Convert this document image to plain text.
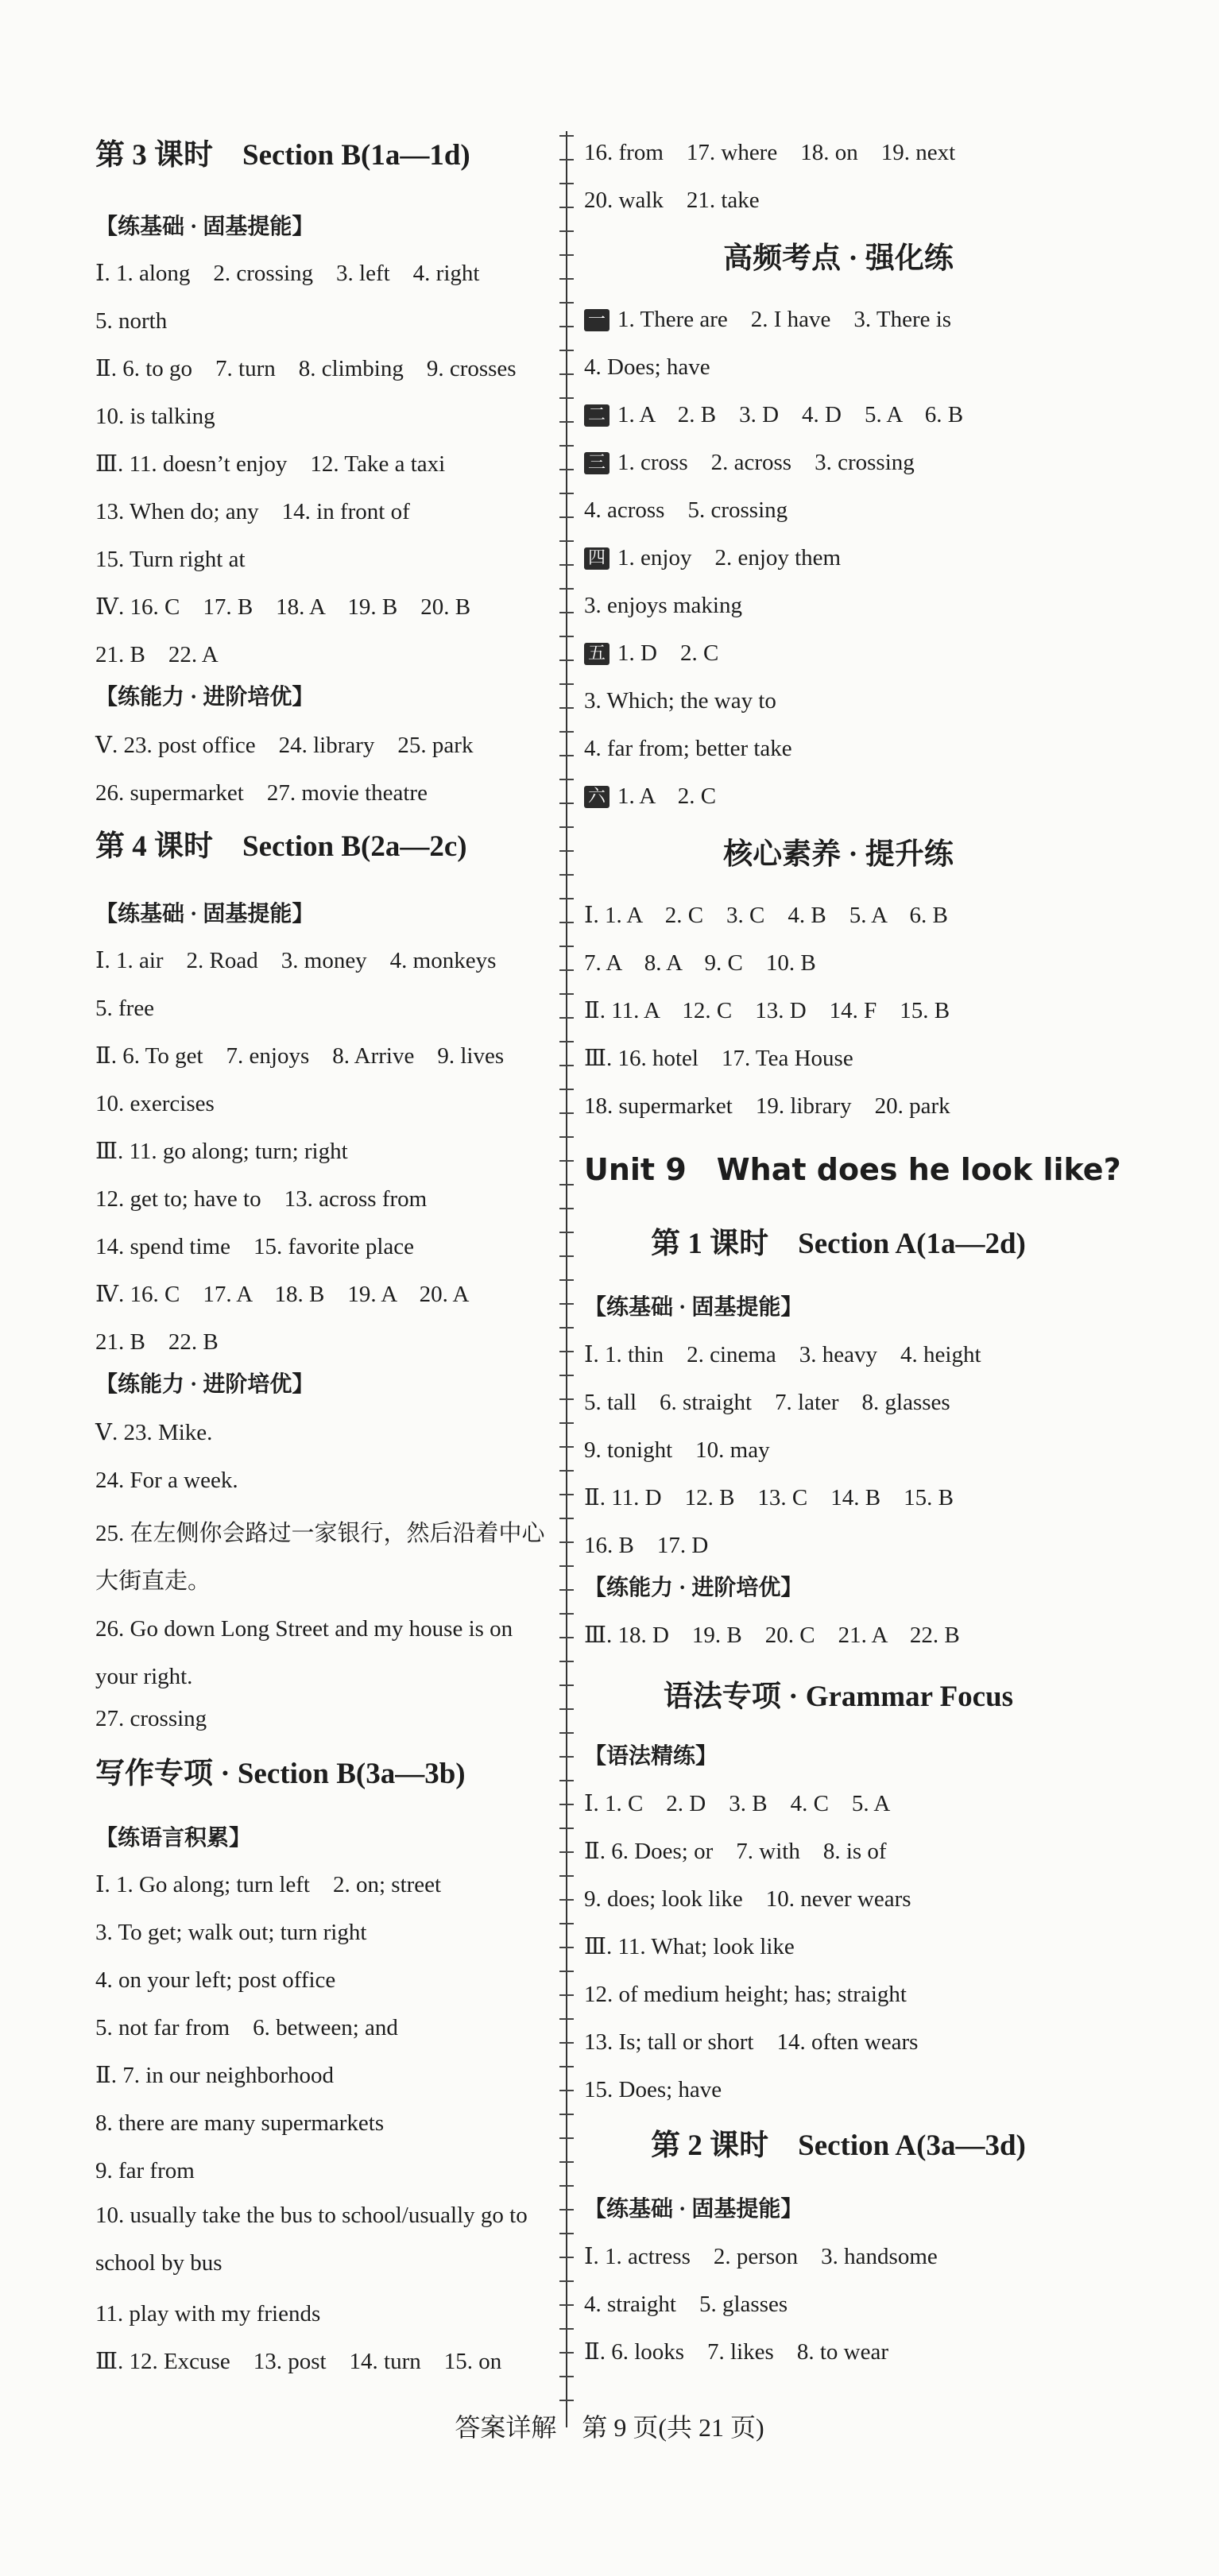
第 3 课时　Section B(1a—1d)
【练基础 · 固基提能】
Ⅰ. 1. along　2. crossing　3. left　4. right
5. north
Ⅱ. 6. to go　7. turn　8. climbing　9. crosses
10. is talking
Ⅲ. 11. doesn’t enjoy　12. Take a taxi
13. When do; any　14. in front of
15. Turn right at
Ⅳ. 16. C　17. B　18. A　19. B　20. B
21. B　22. A
【练能力 · 进阶培优】
Ⅴ. 23. post office　24. library　25. park
26. supermarket　27. movie theatre
第 4 课时　Section B(2a—2c)
【练基础 · 固基提能】
Ⅰ. 1. air　2. Road　3. money　4. monkeys
5. free
Ⅱ. 6. To get　7. enjoys　8. Arrive　9. lives
10. exercises
Ⅲ. 11. go along; turn; right
12. get to; have to　13. across from
14. spend time　15. favorite place
Ⅳ. 16. C　17. A　18. B　19. A　20. A
21. B　22. B
【练能力 · 进阶培优】
Ⅴ. 23. Mike.
24. For a week.
25. 在左侧你会路过一家银行，然后沿着中心大街直走。
26. Go down Long Street and my house is on your right.
27. crossing
写作专项 · Section B(3a—3b)
【练语言积累】
Ⅰ. 1. Go along; turn left　2. on; street
3. To get; walk out; turn right
4. on your left; post office
5. not far from　6. between; and
Ⅱ. 7. in our neighborhood
8. there are many supermarkets
9. far from
10. usually take the bus to school/usually go to school by bus
11. play with my friends
Ⅲ. 12. Excuse　13. post　14. turn　15. on
16. from　17. where　18. on　19. next
20. walk　21. take
高频考点 · 强化练
一 1. There are　2. I have　3. There is
4. Does; have
二 1. A　2. B　3. D　4. D　5. A　6. B
三 1. cross　2. across　3. crossing
4. across　5. crossing
四 1. enjoy　2. enjoy them
3. enjoys making
五 1. D　2. C
3. Which; the way to
4. far from; better take
六 1. A　2. C
核心素养 · 提升练
Ⅰ. 1. A　2. C　3. C　4. B　5. A　6. B
7. A　8. A　9. C　10. B
Ⅱ. 11. A　12. C　13. D　14. F　15. B
Ⅲ. 16. hotel　17. Tea House
18. supermarket　19. library　20. park
Unit 9　What does he look like?
第 1 课时　Section A(1a—2d)
【练基础 · 固基提能】
Ⅰ. 1. thin　2. cinema　3. heavy　4. height
5. tall　6. straight　7. later　8. glasses
9. tonight　10. may
Ⅱ. 11. D　12. B　13. C　14. B　15. B
16. B　17. D
【练能力 · 进阶培优】
Ⅲ. 18. D　19. B　20. C　21. A　22. B
语法专项 · Grammar Focus
【语法精练】
Ⅰ. 1. C　2. D　3. B　4. C　5. A
Ⅱ. 6. Does; or　7. with　8. is of
9. does; look like　10. never wears
Ⅲ. 11. What; look like
12. of medium height; has; straight
13. Is; tall or short　14. often wears
15. Does; have
第 2 课时　Section A(3a—3d)
【练基础 · 固基提能】
Ⅰ. 1. actress　2. person　3. handsome
4. straight　5. glasses
Ⅱ. 6. looks　7. likes　8. to wear
答案详解　第 9 页(共 21 页)
